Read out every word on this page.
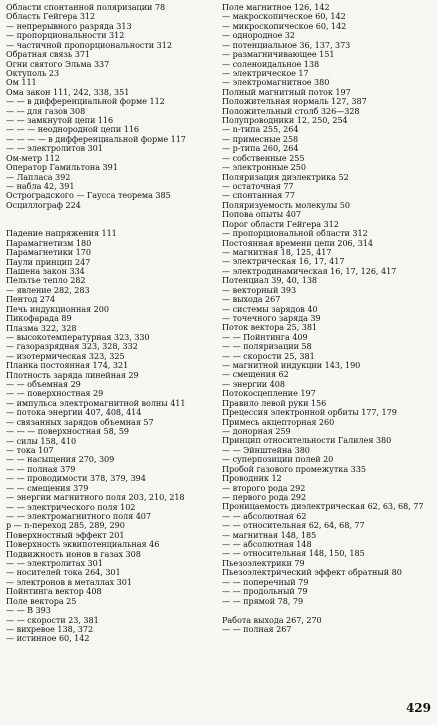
Области спонтанной поляризации 78
Область Гейгера 312
— непрерывного разряда 313
— пропорциональности 312
— частичной пропорциональности 312
Обратная связь 371
Огни святого Эльма 337
Октуполь 23
Ом 111
Ома закон 111, 242, 338, 351
— — в дифференциальной форме 112
— — для газов 308
— — замкнутой цепи 116
— — — неоднородной цепи 116
— — — — в дифференциальной форме 117
— — электролитов 301
Ом-метр 112
Оператор Гамильтона 391
— Лапласа 392
— набла 42, 391
Остроградского — Гаусса теорема 385
Осциллограф 224
Падение напряжения 111
Парамагнетизм 180
Парамагнетики 170
Паули принцип 247
Пашена закон 334
Пельтье тепло 282
— явление 282, 283
Пентод 274
Печь индукционная 200
Пикофарада 89
Плазма 322, 328
— высокотемпературная 323, 330
— газоразрядная 323, 328, 332
— изотермическая 323, 325
Планка постоянная 174, 321
Плотность заряда линейная 29
— — объемная 29
— — поверхностная 29
— импульса электромагнитной волны 411
— потока энергии 407, 408, 414
— связанных зарядов объемная 57
— — — поверхностная 58, 59
— силы 158, 410
— тока 107
— — насыщения 270, 309
— — полная 379
— — проводимости 378, 379, 394
— — смещения 379
— энергии магнитного поля 203, 210, 218
— — электрического поля 102
— — электромагнитного поля 407
p — n-переход 285, 289, 290
Поверхностный эффект 201
Поверхность эквипотенциальная 46
Подвижность ионов в газах 308
— — электролитах 301
— носителей тока 264, 301
— электронов в металлах 301
Пойнтинга вектор 408
Поле вектора 25
— — B 393
— — скорости 23, 381
— вихревое 138, 372
— истинное 60, 142
Поле магнитное 126, 142
— макроскопическое 60, 142
— микроскопическое 60, 142
— однородное 32
— потенциальное 36, 137, 373
— размагничивающее 151
— соленоидальное 138
— электрическое 17
— электромагнитное 380
Полный магнитный поток 197
Положительная нормаль 127, 387
Положительный столб 326—328
Полупроводники 12, 250, 254
— n-типа 255, 264
— примесные 258
— p-типа 260, 264
— собственные 255
— электронные 250
Поляризация диэлектрика 52
— остаточная 77
— спонтанная 77
Поляризуемость молекулы 50
Попова опыты 407
Порог области Гейгера 312
— пропорциональной области 312
Постоянная времени цепи 206, 314
— магнитная 18, 125, 417
— электрическая 16, 17, 417
— электродинамическая 16, 17, 126, 417
Потенциал 39, 40, 138
— векторный 393
— выхода 267
— системы зарядов 40
— точечного заряда 39
Поток вектора 25, 381
— — Пойнтинга 409
— — поляризации 58
— — скорости 25, 381
— магнитной индукции 143, 190
— смещения 62
— энергии 408
Потокосцепление 197
Правило левой руки 156
Прецессия электронной орбиты 177, 179
Примесь акцепторная 260
— донорная 259
Принцип относительности Галилея 380
— — Эйнштейна 380
— суперпозиции полей 20
Пробой газового промежутка 335
Проводник 12
— второго рода 292
— первого рода 292
Проницаемость диэлектрическая 62, 63, 68, 77
— — абсолютная 62
— — относительная 62, 64, 68, 77
— магнитная 148, 185
— — абсолютная 148
— — относительная 148, 150, 185
Пьезоэлектрики 79
Пьезоэлектрический эффект обратный 80
— — поперечный 79
— — продольный 79
— — прямой 78, 79
Работа выхода 267, 270
— — полная 267
429
